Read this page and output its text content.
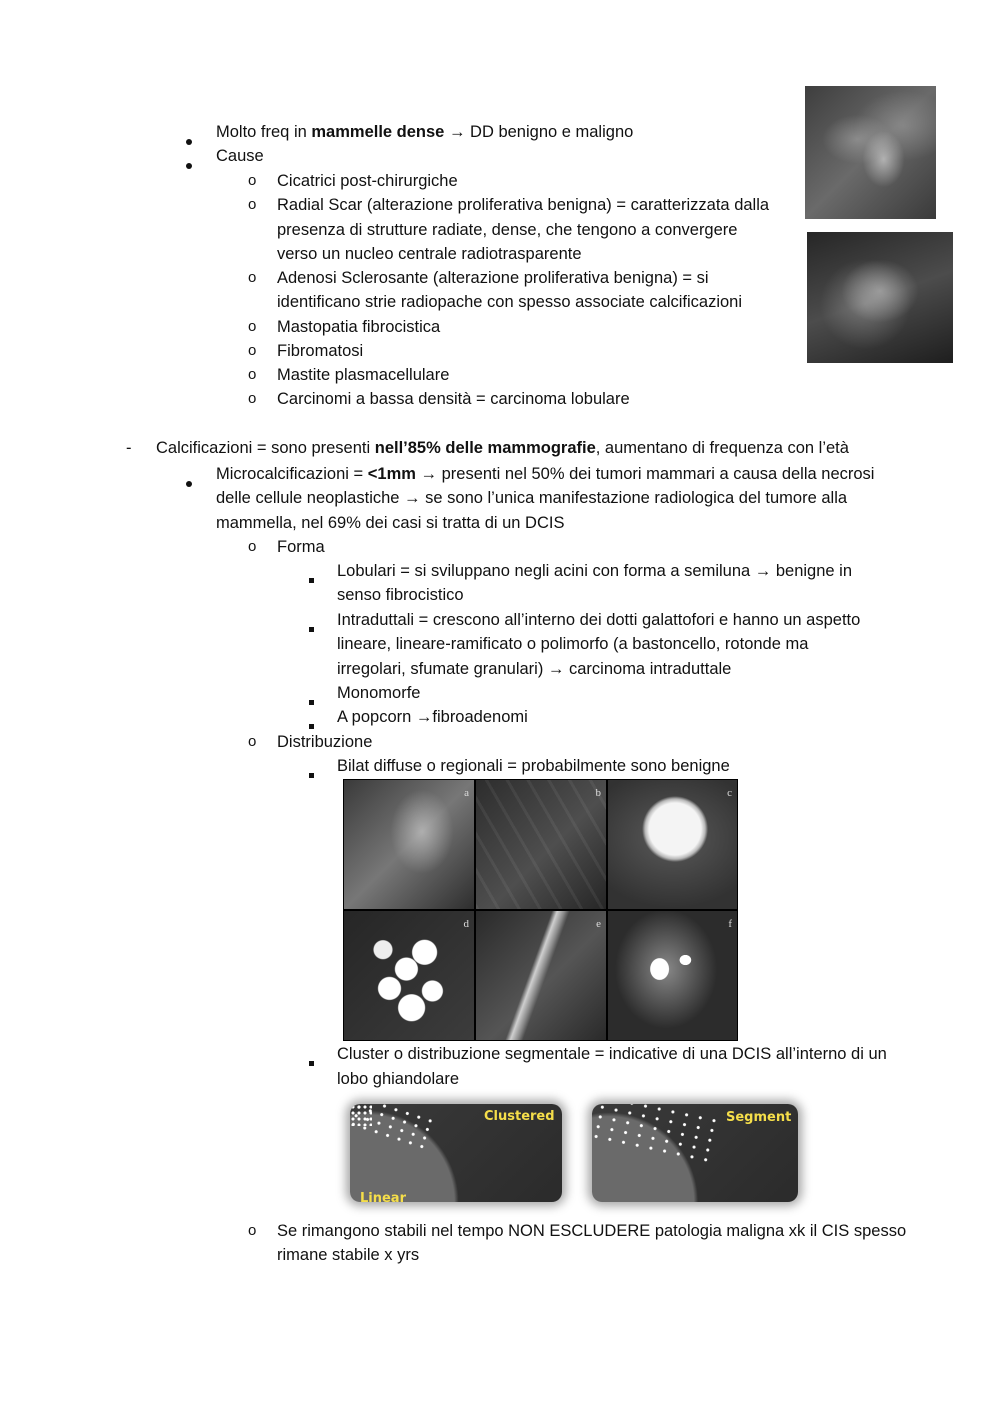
Molto freq in mammelle dense → DD benigno e maligno
Cause
o Cicatrici post-chirurgiche
o Radial Scar (alterazione proliferativa benigna) = caratterizzata dalla
presenza di strutture radiate, dense, che tengono a convergere
verso un nucleo centrale radiotrasparente
o Adenosi Sclerosante (alterazione proliferativa benigna) = si
identificano strie radiopache con spesso associate calcificazioni
o Mastopatia fibrocistica
o Fibromatosi
o Mastite plasmacellulare
o Carcinomi a bassa densità = carcinoma lobulare
- Calcificazioni = sono presenti nell’85% delle mammografie, aumentano di frequenza con l’età
Microcalcificazioni = <1mm → presenti nel 50% dei tumori mammari a causa della necrosi
delle cellule neoplastiche → se sono l’unica manifestazione radiologica del tumore alla
mammella, nel 69% dei casi si tratta di un DCIS
o Forma
Lobulari = si sviluppano negli acini con forma a semiluna → benigne in
senso fibrocistico
Intraduttali = crescono all’interno dei dotti galattofori e hanno un aspetto
lineare, lineare-ramificato o polimorfo (a bastoncello, rotonde ma
irregolari, sfumate granulari) → carcinoma intraduttale
Monomorfe
A popcorn →fibroadenomi
o Distribuzione
Bilat diffuse o regionali = probabilmente sono benigne
a	b	c
d	e	f
Cluster o distribuzione segmentale = indicative di una DCIS all’interno di un
lobo ghiandolare
Clustered
Linear
Segment
o Se rimangono stabili nel tempo NON ESCLUDERE patologia maligna xk il CIS spesso
rimane stabile x yrs
